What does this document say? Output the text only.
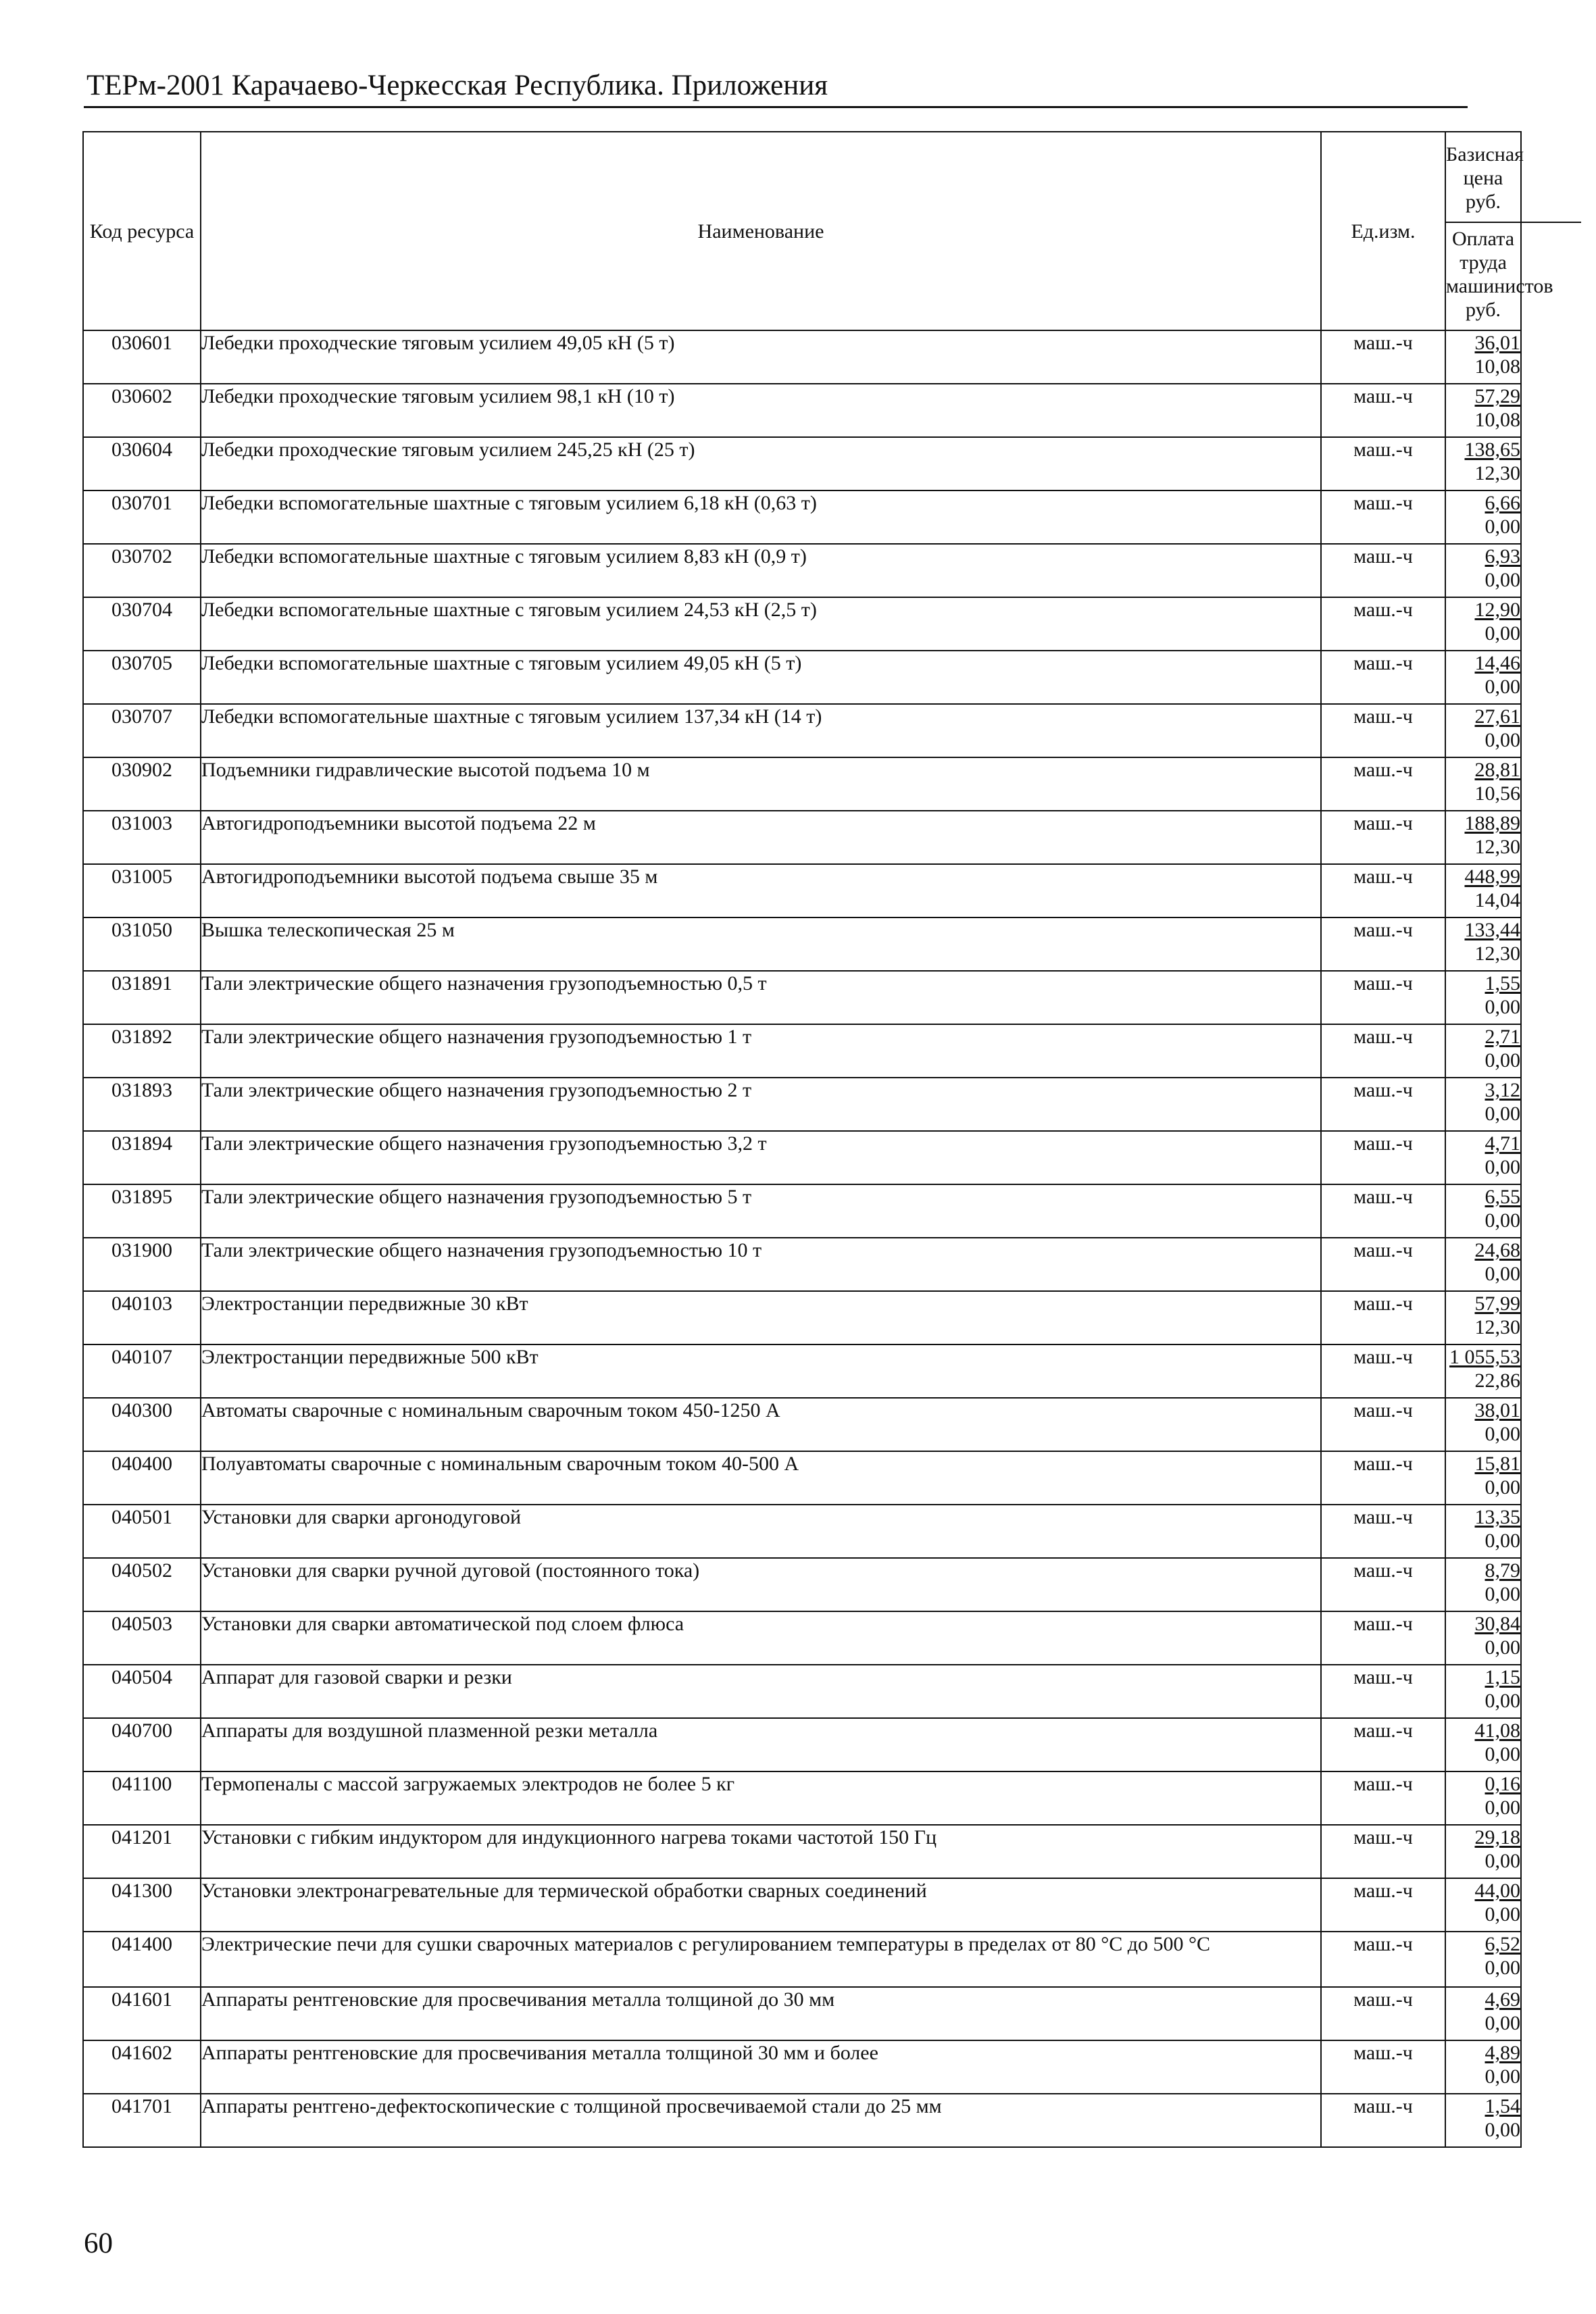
ТЕРм-2001 Карачаево-Черкесская Республика. Приложения
Код ресурса	Наименование	Ед.изм.	Базисная цена руб.
Оплата труда машинистов руб.

030601	Лебедки проходческие тяговым усилием 49,05 кН (5 т)	маш.-ч	36,01
10,08

030602	Лебедки проходческие тяговым усилием 98,1 кН (10 т)	маш.-ч	57,29
10,08

030604	Лебедки проходческие тяговым усилием 245,25 кН (25 т)	маш.-ч	138,65
12,30

030701	Лебедки вспомогательные шахтные с тяговым усилием 6,18 кН (0,63 т)	маш.-ч	6,66
0,00

030702	Лебедки вспомогательные шахтные с тяговым усилием 8,83 кН (0,9 т)	маш.-ч	6,93
0,00

030704	Лебедки вспомогательные шахтные с тяговым усилием 24,53 кН (2,5 т)	маш.-ч	12,90
0,00

030705	Лебедки вспомогательные шахтные с тяговым усилием 49,05 кН (5 т)	маш.-ч	14,46
0,00

030707	Лебедки вспомогательные шахтные с тяговым усилием 137,34 кН (14 т)	маш.-ч	27,61
0,00

030902	Подъемники гидравлические высотой подъема 10 м	маш.-ч	28,81
10,56

031003	Автогидроподъемники высотой подъема 22 м	маш.-ч	188,89
12,30

031005	Автогидроподъемники высотой подъема свыше 35 м	маш.-ч	448,99
14,04

031050	Вышка телескопическая 25 м	маш.-ч	133,44
12,30

031891	Тали электрические общего назначения грузоподъемностью 0,5 т	маш.-ч	1,55
0,00

031892	Тали электрические общего назначения грузоподъемностью 1 т	маш.-ч	2,71
0,00

031893	Тали электрические общего назначения грузоподъемностью 2 т	маш.-ч	3,12
0,00

031894	Тали электрические общего назначения грузоподъемностью 3,2 т	маш.-ч	4,71
0,00

031895	Тали электрические общего назначения грузоподъемностью 5 т	маш.-ч	6,55
0,00

031900	Тали электрические общего назначения грузоподъемностью 10 т	маш.-ч	24,68
0,00

040103	Электростанции передвижные 30 кВт	маш.-ч	57,99
12,30

040107	Электростанции передвижные 500 кВт	маш.-ч	1 055,53
22,86

040300	Автоматы сварочные с номинальным сварочным током 450-1250 А	маш.-ч	38,01
0,00

040400	Полуавтоматы сварочные с номинальным сварочным током 40-500 А	маш.-ч	15,81
0,00

040501	Установки для сварки аргонодуговой	маш.-ч	13,35
0,00

040502	Установки для сварки ручной дуговой (постоянного тока)	маш.-ч	8,79
0,00

040503	Установки для сварки автоматической под слоем флюса	маш.-ч	30,84
0,00

040504	Аппарат для газовой сварки и резки	маш.-ч	1,15
0,00

040700	Аппараты для воздушной плазменной резки металла	маш.-ч	41,08
0,00

041100	Термопеналы с массой загружаемых электродов не более 5 кг	маш.-ч	0,16
0,00

041201	Установки с гибким индуктором для индукционного нагрева токами частотой 150 Гц	маш.-ч	29,18
0,00

041300	Установки электронагревательные для термической обработки сварных соединений	маш.-ч	44,00
0,00

041400	Электрические печи для сушки сварочных материалов с регулированием температуры в пределах от 80 °С до 500 °С	маш.-ч	6,52
0,00

041601	Аппараты рентгеновские для просвечивания металла толщиной до 30 мм	маш.-ч	4,69
0,00

041602	Аппараты рентгеновские для просвечивания металла толщиной 30 мм и более	маш.-ч	4,89
0,00

041701	Аппараты рентгено-дефектоскопические с толщиной просвечиваемой стали до 25 мм	маш.-ч	1,54
0,00
60
